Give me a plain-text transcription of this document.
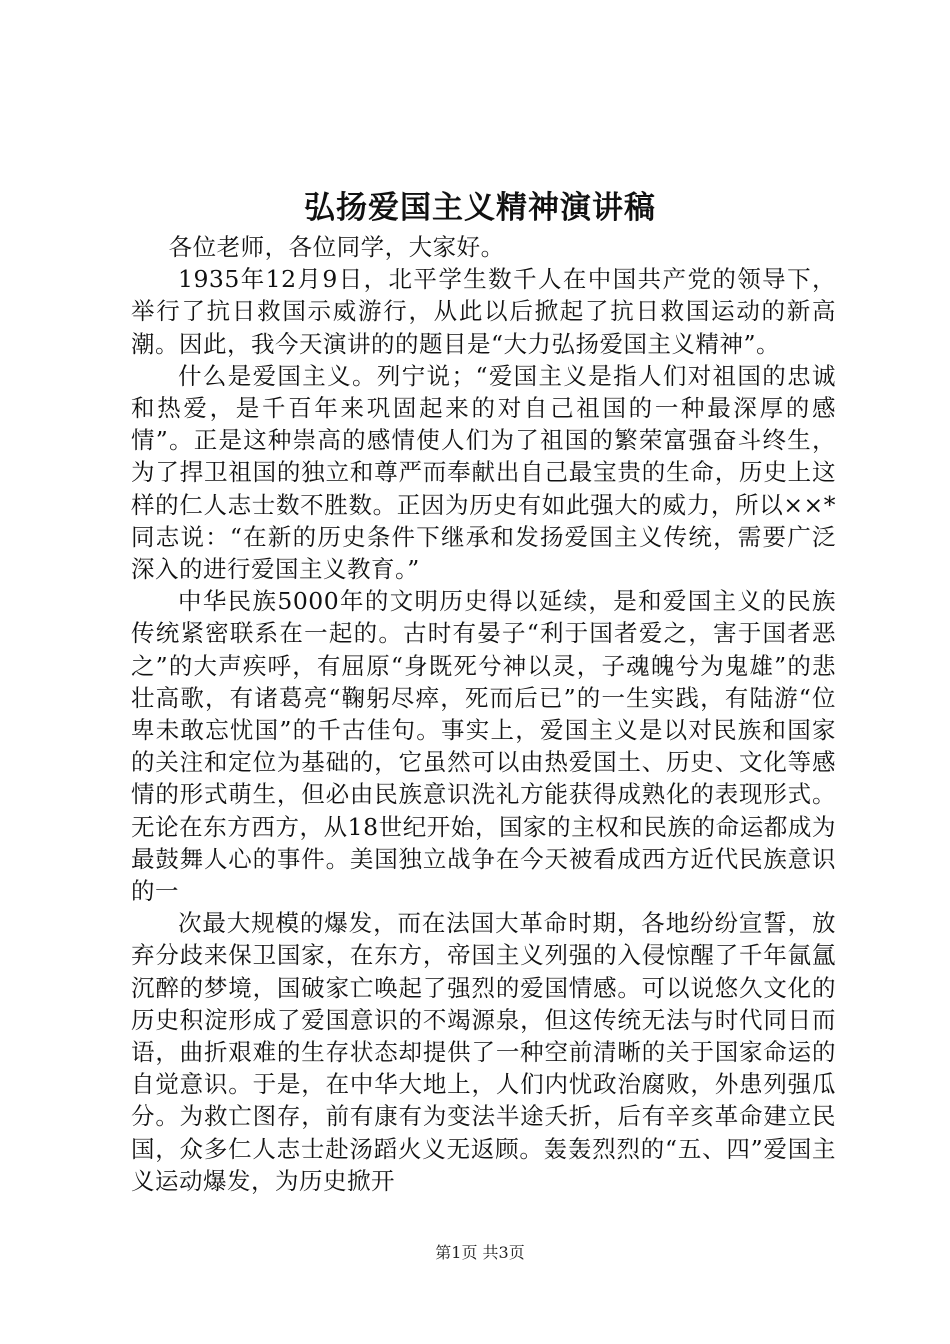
弘扬爱国主义精神演讲稿

各位老师，各位同学，大家好。

1935年12月9日，北平学生数千人在中国共产党的领导下，举行了抗日救国示威游行，从此以后掀起了抗日救国运动的新高潮。因此，我今天演讲的的题目是“大力弘扬爱国主义精神”。

什么是爱国主义。列宁说；“爱国主义是指人们对祖国的忠诚和热爱，是千百年来巩固起来的对自己祖国的一种最深厚的感情”。正是这种崇高的感情使人们为了祖国的繁荣富强奋斗终生，为了捍卫祖国的独立和尊严而奉献出自己最宝贵的生命，历史上这样的仁人志士数不胜数。正因为历史有如此强大的威力，所以××*同志说：“在新的历史条件下继承和发扬爱国主义传统，需要广泛深入的进行爱国主义教育。”

中华民族5000年的文明历史得以延续，是和爱国主义的民族传统紧密联系在一起的。古时有晏子“利于国者爱之，害于国者恶之”的大声疾呼，有屈原“身既死兮神以灵，子魂魄兮为鬼雄”的悲壮高歌，有诸葛亮“鞠躬尽瘁，死而后已”的一生实践，有陆游“位卑未敢忘忧国”的千古佳句。事实上，爱国主义是以对民族和国家的关注和定位为基础的，它虽然可以由热爱国土、历史、文化等感情的形式萌生，但必由民族意识洗礼方能获得成熟化的表现形式。无论在东方西方，从18世纪开始，国家的主权和民族的命运都成为最鼓舞人心的事件。美国独立战争在今天被看成西方近代民族意识的一

次最大规模的爆发，而在法国大革命时期，各地纷纷宣誓，放弃分歧来保卫国家，在东方，帝国主义列强的入侵惊醒了千年氤氲沉醉的梦境，国破家亡唤起了强烈的爱国情感。可以说悠久文化的历史积淀形成了爱国意识的不竭源泉，但这传统无法与时代同日而语，曲折艰难的生存状态却提供了一种空前清晰的关于国家命运的自觉意识。于是，在中华大地上，人们内忧政治腐败，外患列强瓜分。为救亡图存，前有康有为变法半途夭折，后有辛亥革命建立民国，众多仁人志士赴汤蹈火义无返顾。轰轰烈烈的“五、四”爱国主义运动爆发，为历史掀开

第1页 共3页
